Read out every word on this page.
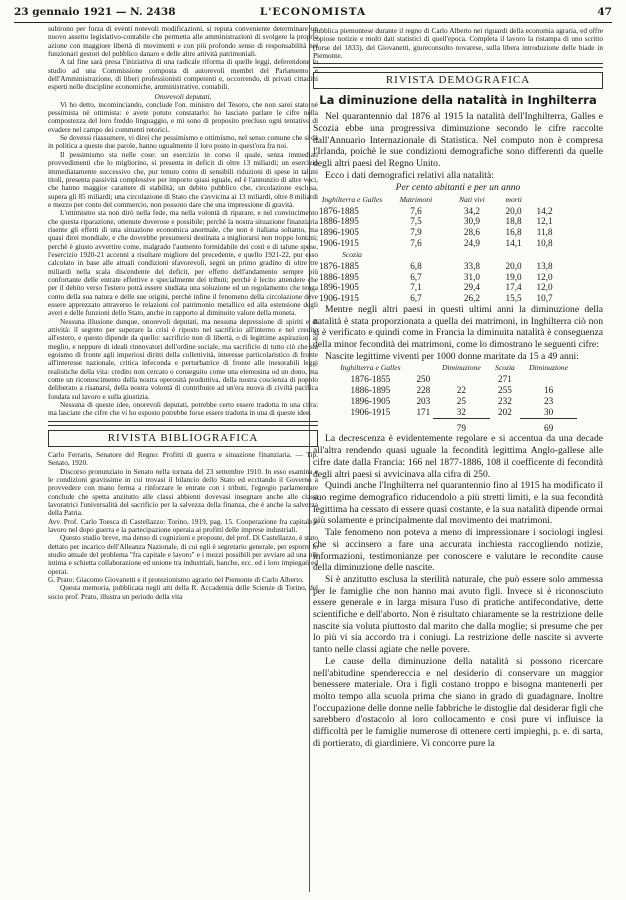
23 gennaio 1921 — N. 2438	L'ECONOMISTA	47

subirono per forza di eventi notevoli modificazioni, si reputa conveniente determinare un nuovo assetto legislativo-contabile che permetta alle amministrazioni di svolgere la propria azione con maggiore libertà di movimenti e con più profondo senso di responsabilità nei funzionari gestori del pubblico danaro e delle altre attività patrimoniali.

A tal fine sarà presa l'iniziativa di una radicale riforma di quelle leggi, deferendone lo studio ad una Commissione composta di autorevoli membri del Parlamento e dell'Amministrazione, di liberi professionisti competenti e, occorrendo, di privati cittadini esperti nelle discipline economiche, amministrative, contabili.

Onorevoli deputati,

Vi ho detto, incominciando, conclude l'on. ministro del Tesoro, che non sarei stato nè pessimista nè ottimista: e avete potuto constatarlo: ho lasciato parlare le cifre nella compostezza del loro freddo linguaggio, e mi sono di proposito precluso ogni tentativo di evadere nel campo dei commenti retorici.

Se dovessi riassumere, vi direi che pessimismo e ottimismo, nel senso comune che si dà in politica a queste due parole, hanno ugualmente il loro posto in quest'ora fra noi.

Il pessimismo sta nelle cose: un esercizio in corso il quale, senza immediati provvedimenti che lo migliorino, si presenta in deficit di oltre 13 miliardi; un esercizio immediatamente successivo che, pur tenuto conto di sensibili riduzioni di spese in taluni titoli, presenta passività complessive per importo quasi eguale, ed è l'annunzio di altre voci, che hanno maggior carattere di stabilità; un debito pubblico che, circolazione esclusa, supera gli 85 miliardi; una circolazione di Stato che s'avvicina ai 13 miliardi, oltre 8 miliardi e mezzo per conto del commercio, non possono dare che una impressione di gravità.

L'ottimismo sta non dirò nella fede, ma nella volontà di riparare, e nel convincimento che questa riparazione, ottenute doverose e possibile; perchè la nostra situazione finanziaria risente gli effetti di una situazione economica anormale, che non è italiana soltanto, ma quasi direi mondiale, e che dovrebbe presumersi destinata a migliorarsi non troppo lontani; perchè è giusto avvertire come, malgrado l'aumento formidabile dei costi e di talune spese, l'esercizio 1920-21 accenni a risultare migliore del precedente, e quello 1921-22, pur esso calcolato in base alle attuali condizioni sfavorevoli, segni un primo gradino di oltre tre miliardi nella scala discendente del deficit, per effetto dell'andamento sempre più confortante delle entrate effettive e specialmente dei tributi; perchè è lecito attendere che per il debito verso l'estero potrà essere studiata una soluzione ed un regolamento che tenga conto della sua natura e delle sue origini, perchè infine il fenomeno della circolazione deve essere apprezzato attraverso le relazioni col patrimonio metallico ed alla estensione degli averi e delle funzioni dello Stato, anche in rapporto al diminuito valore della moneta.

Nessuna illusione dunque, onorevoli deputati, ma nessuna depressione di spiriti e di attività: il segreto per superare la crisi è riposto nel sacrificio all'interno e nel credito all'estero, e questo dipende da quello: sacrificio non di libertà, o di legittime aspirazioni al meglio, e neppure di ideali rinnovatori dell'ordine sociale, ma sacrificio di tutto ciò che sia egoismo di fronte agli imperiosi diritti della collettività, interesse particolaristico di fronte all'interesse nazionale, critica infeconda e perturbatrice di fronte alle inesorabili leggi realistiche della vita: credito non cercato o conseguito come una elemosina od un dono, ma come un riconoscimento della nostra operosità produttiva, della nostra coscienza di popolo deliberato a risanarsi, della nostra volontà di contribuire ad un'era nuova di civiltà pacifica fondata sul lavoro e sulla giustizia.

Nessuna di queste idee, onorevoli deputati, potrebbe certo essere tradotta in una cifra: ma lasciate che cifre che vi ho esposto potrebbe forse essere tradotta in una di queste idee.

RIVISTA BIBLIOGRAFICA

Carlo Ferraris, Senatore del Regno: Profitti di guerra e situazione finanziaria. — Tip. Senato, 1920.

Discorso pronunziato in Senato nella tornata del 23 settembre 1910. In esso esamina e le condizioni gravissime in cui trovasi il bilancio dello Stato ed eccitando il Governo a provvedere con mano ferma a rinforzare le entrate con i tributi, l'egregio parlamentare conclude che spetta anzitutto alle classi abbienti dovevasi insegnare anche alle classi lavoratrici l'universalità del sacrificio per la salvezza della finanza, che è anche la salvezza della Patria.

Avv. Prof. Carlo Toesca di Castellazzo: Torino, 1919, pag. 15. Cooperazione fra capitale e lavoro nel dopo guerra e la partecipazione operaia ai profitti delle imprese industriali.

Questo studio breve, ma denso di cognizioni e proposte, del prof. Di Castellazzo, è stato dettato per incarico dell'Alleanza Nazionale, di cui egli è segretario generale, per esporre lo studio attuale del problema "fra capitale e lavoro" e i mezzi possibili per avviare ad una più intima e schietta collaborazione ed unione tra industriali, banche, ecc. ed i loro impiegati ed operai.

G. Prato: Giacomo Giovanetti e il protezionismo agrario nel Piemonte di Carlo Alberto.

Questa memoria, pubblicata negli atti della R. Accademia delle Scienze di Torino, del socio prof. Prato, illustra un periodo della vita

pubblica piemontese durante il regno di Carlo Alberto nei riguardi della economia agraria, ed offre copiose notizie e molti dati statistici di quell'epoca. Completa il lavoro la ristampa di uno scritto (forse del 1833), del Giovanetti, giureconsulto novarese, sulla libera introduzione delle biade in Piemonte.

RIVISTA DEMOGRAFICA
La diminuzione della natalità in Inghilterra

Nel quarantennio dal 1876 al 1915 la natalità dell'Inghilterra, Galles e Scozia ebbe una progressiva diminuzione secondo le cifre raccolte dall'Annuario Internazionale di Statistica. Nel computo non è compresa l'Irlanda, poichè le sue condizioni demografiche sono differenti da quelle degli altri paesi del Regno Unito.

Ecco i dati demografici relativi alla natalità:

Per cento abitanti e per un anno
Inghilterra e Galles	Matrimoni	Nati vivi	morti	
1876-1885	7,6	34,2	20,0	14,2
1886-1895	7,5	30,9	18,8	12,1
1896-1905	7,9	28,6	16,8	11,8
1906-1915	7,6	24,9	14,1	10,8
Scozia				
1876-1885	6,8	33,8	20,0	13,8
1886-1895	6,7	31,0	19,0	12,0
1896-1905	7,1	29,4	17,4	12,0
1906-1915	6,7	26,2	15,5	10,7

Mentre negli altri paesi in questi ultimi anni la diminuzione della natalità è stata proporzionata a quella dei matrimoni, in Inghilterra ciò non si è verificato e quindi come in Francia la diminuita natalità è conseguenza della minor fecondità dei matrimoni, come lo dimostrano le seguenti cifre:

Nascite legittime viventi per 1000 donne maritate da 15 a 49 anni:

Inghilterra e Galles		Diminuzione	Scozia	Diminuzione
1876-1855	250		271	
1886-1895	228	22	255	16
1896-1905	203	25	232	23
1906-1915	171	32	202	30

		79		69

La decrescenza è evidentemente regolare e si accentua da una decade all'altra rendendo quasi uguale la fecondità legittima Anglo-gallese alle cifre date dalla Francia: 166 nel 1877-1886, 108 il coefficente di fecondità degli altri paesi si avvicinava alla cifra di 250.

Quindi anche l'Inghilterra nel quarantennio fino al 1915 ha modificato il suo regime demografico riducendolo a più stretti limiti, e la sua fecondità legittima ha cessato di essere quasi costante, e la sua natalità dipende ormai più solamente e principalmente dal movimento dei matrimoni.

Tale fenomeno non poteva a meno di impressionare i sociologi inglesi che si accinsero a fare una accurata inchiesta raccogliendo notizie, informazioni, testimonianze per conoscere e valutare le recondite cause della diminuzione delle nascite.

Si è anzitutto esclusa la sterilità naturale, che può essere solo ammessa per le famiglie che non hanno mai avuto figli. Invece si è riconosciuto essere generale e in larga misura l'uso di pratiche antifecondative, dette scientifiche e dell'aborto. Non è risultato chiaramente se la restrizione delle nascite sia voluta piuttosto dal marito che dalla moglie; si presume che per lo più vi sia accordo tra i coniugi. La restrizione delle nascite si avverte tanto nelle classi agiate che nelle povere.

Le cause della diminuzione della natalità si possono ricercare nell'abitudine spendereccia e nel desiderio di conservare un maggior benessere materiale. Ora i figli costano troppo e bisogna mantenerli per molto tempo alla scuola prima che siano in grado di guadagnare. Inoltre l'occupazione delle donne nelle fabbriche le distoglie dal desiderar figli che sarebbero d'ostacolo al loro collocamento e così pure vi influisce la difficoltà per le famiglie numerose di ottenere certi impieghi, p. e. di sarta, di portierato, di giardiniere. Vi concorre pure la
